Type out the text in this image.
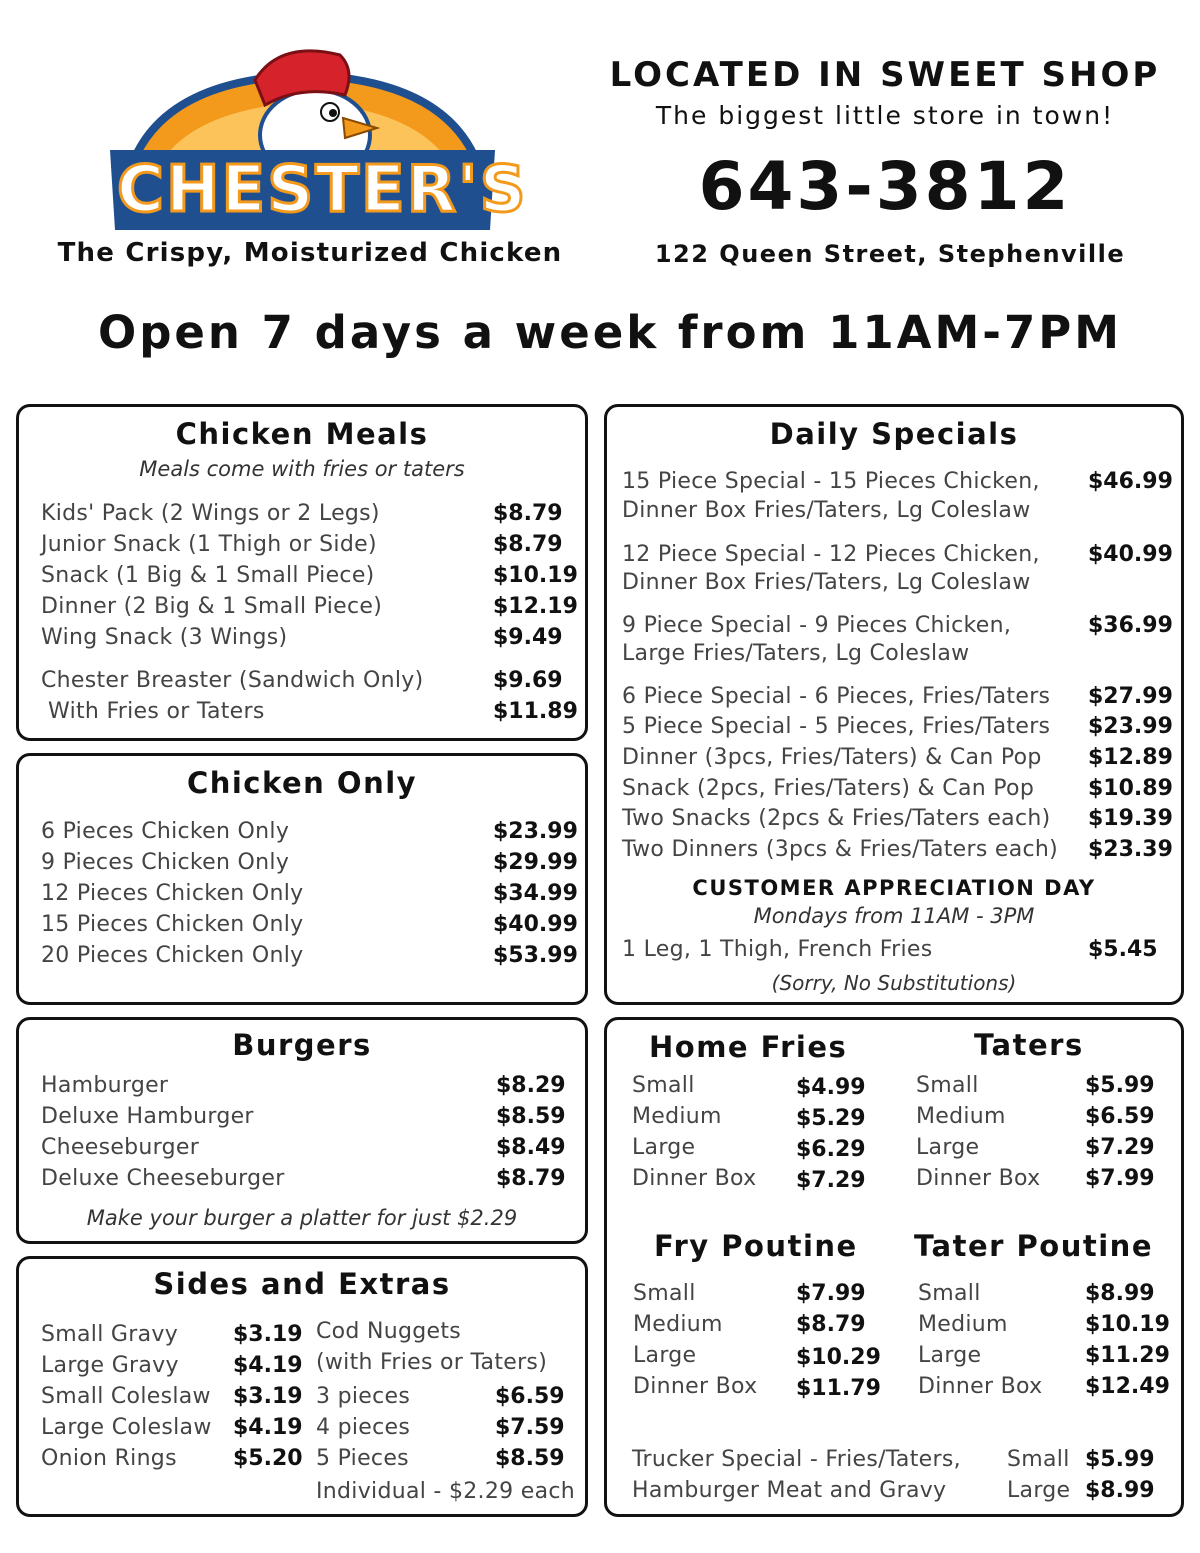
CHESTER'S
The Crispy, Moisturized Chicken
LOCATED IN SWEET SHOP
The biggest little store in town!
643-3812
122 Queen Street, Stephenville
Open 7 days a week from 11AM-7PM
Chicken Meals
Meals come with fries or taters
Kids' Pack (2 Wings or 2 Legs)	$8.79
Junior Snack (1 Thigh or Side)	$8.79
Snack (1 Big & 1 Small Piece)	$10.19
Dinner (2 Big & 1 Small Piece)	$12.19
Wing Snack (3 Wings)	$9.49
Chester Breaster (Sandwich Only)	$9.69
With Fries or Taters	$11.89
Chicken Only
6 Pieces Chicken Only	$23.99
9 Pieces Chicken Only	$29.99
12 Pieces Chicken Only	$34.99
15 Pieces Chicken Only	$40.99
20 Pieces Chicken Only	$53.99
Burgers
Hamburger	$8.29
Deluxe Hamburger	$8.59
Cheeseburger	$8.49
Deluxe Cheeseburger	$8.79
Make your burger a platter for just $2.29
Sides and Extras
Small Gravy $3.19
Large Gravy $4.19
Small Coleslaw $3.19
Large Coleslaw $4.19
Onion Rings	$5.20
Cod Nuggets
(with Fries or Taters)
3 pieces	$6.59
4 pieces	$7.59
5 Pieces	$8.59
Individual - $2.29 each
Daily Specials
15 Piece Special - 15 Pieces Chicken,
Dinner Box Fries/Taters, Lg Coleslaw
$46.99
12 Piece Special - 12 Pieces Chicken,
Dinner Box Fries/Taters, Lg Coleslaw
$40.99
9 Piece Special - 9 Pieces Chicken,
Large Fries/Taters, Lg Coleslaw
$36.99
6 Piece Special - 6 Pieces, Fries/Taters $27.99
5 Piece Special - 5 Pieces, Fries/Taters $23.99
Dinner (3pcs, Fries/Taters) & Can Pop $12.89
Snack (2pcs, Fries/Taters) & Can Pop $10.89
Two Snacks (2pcs & Fries/Taters each) $19.39
Two Dinners (3pcs & Fries/Taters each) $23.39
CUSTOMER APPRECIATION DAY
Mondays from 11AM - 3PM
1 Leg, 1 Thigh, French Fries	$5.45
(Sorry, No Substitutions)
Home Fries
Small	$4.99
Medium	$5.29
Large	$6.29
Dinner Box $7.29
Taters
Small	$5.99
Medium	$6.59
Large	$7.29
Dinner Box $7.99
Fry Poutine
Small	$7.99
Medium	$8.79
Large	$10.29
Dinner Box $11.79
Tater Poutine
Small	$8.99
Medium	$10.19
Large	$11.29
Dinner Box $12.49
Trucker Special - Fries/Taters,
Hamburger Meat and Gravy
Small $5.99
Large $8.99
